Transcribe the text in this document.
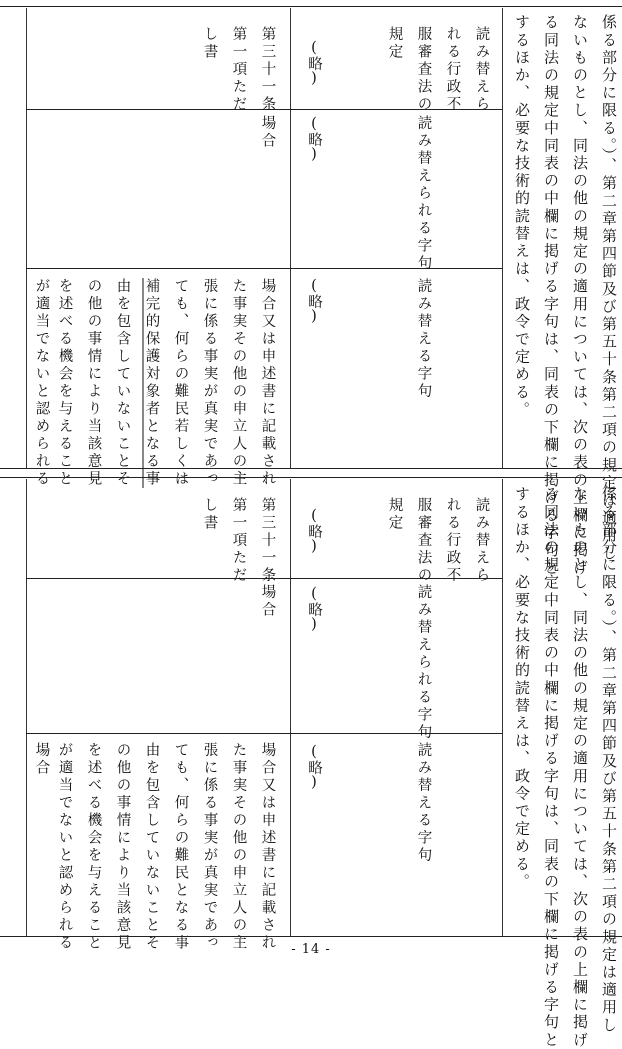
係る部分に限る。）、第二章第四節及び第五十条第二項の規定は適用し
ないものとし、同法の他の規定の適用については、次の表の上欄に掲げ
る同法の規定中同表の中欄に掲げる字句は、同表の下欄に掲げる字句と
するほか、必要な技術的読替えは、政令で定める。
読み替えら
れる行政不
服審査法の
規定
読み替えられる字句
読み替える字句
(略)
(略)
(略)
第三十一条
第一項ただ
し書
場合
場合又は申述書に記載され
た事実その他の申立人の主
張に係る事実が真実であっ
ても、何らの難民若しくは
補完的保護対象者となる事
由を包含していないことそ
の他の事情により当該意見
を述べる機会を与えること
が適当でないと認められる
係る部分に限る。）、第二章第四節及び第五十条第二項の規定は適用し
ないものとし、同法の他の規定の適用については、次の表の上欄に掲げ
る同法の規定中同表の中欄に掲げる字句は、同表の下欄に掲げる字句と
するほか、必要な技術的読替えは、政令で定める。
読み替えら
れる行政不
服審査法の
規定
読み替えられる字句
読み替える字句
(略)
(略)
(略)
第三十一条
第一項ただ
し書
場合
場合又は申述書に記載され
た事実その他の申立人の主
張に係る事実が真実であっ
ても、何らの難民となる事
由を包含していないことそ
の他の事情により当該意見
を述べる機会を与えること
が適当でないと認められる
場合
- 14 -
